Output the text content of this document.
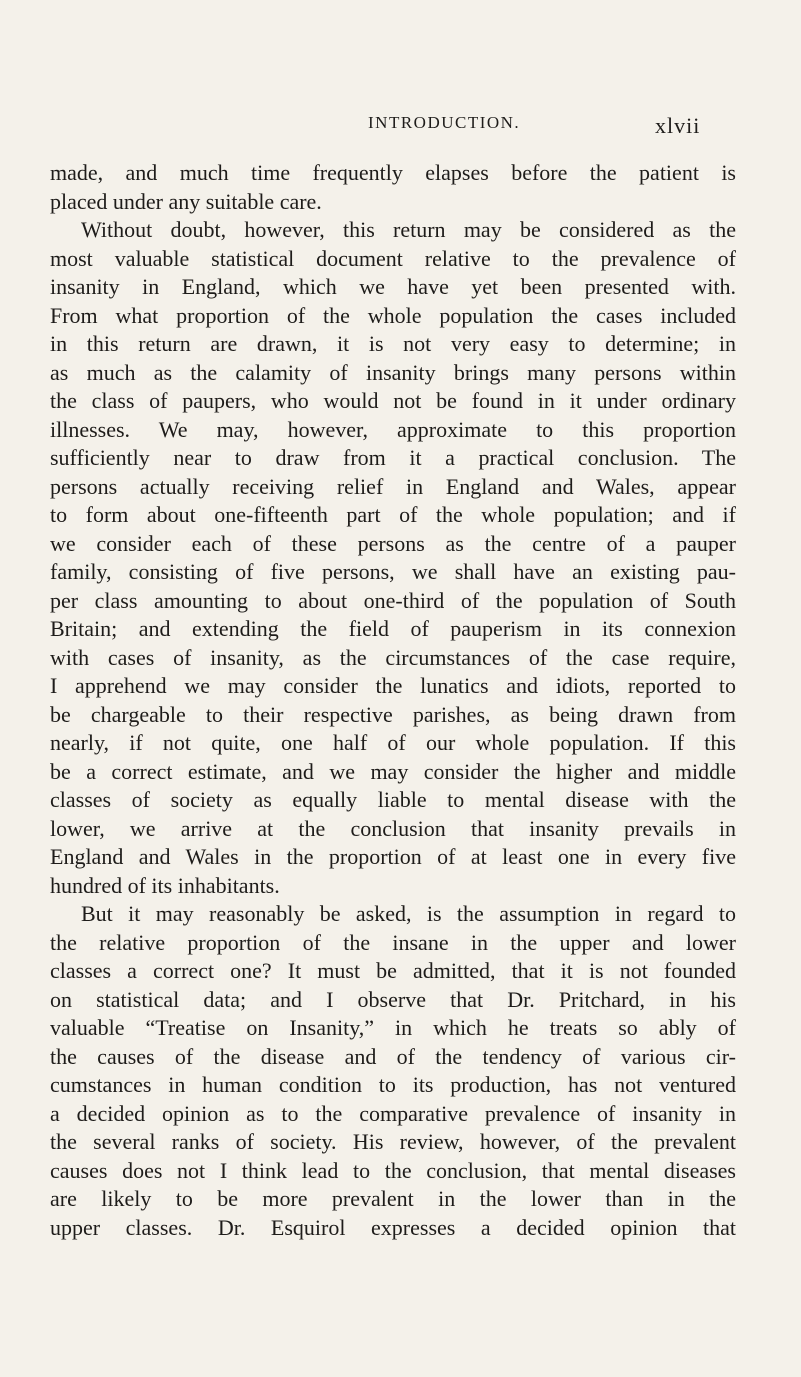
INTRODUCTION.	xlvii
made, and much time frequently elapses before the patient is
placed under any suitable care.
Without doubt, however, this return may be considered as the
most valuable statistical document relative to the prevalence of
insanity in England, which we have yet been presented with.
From what proportion of the whole population the cases included
in this return are drawn, it is not very easy to determine; in
as much as the calamity of insanity brings many persons within
the class of paupers, who would not be found in it under ordinary
illnesses. We may, however, approximate to this proportion
sufficiently near to draw from it a practical conclusion. The
persons actually receiving relief in England and Wales, appear
to form about one-fifteenth part of the whole population; and if
we consider each of these persons as the centre of a pauper
family, consisting of five persons, we shall have an existing pau-
per class amounting to about one-third of the population of South
Britain; and extending the field of pauperism in its connexion
with cases of insanity, as the circumstances of the case require,
I apprehend we may consider the lunatics and idiots, reported to
be chargeable to their respective parishes, as being drawn from
nearly, if not quite, one half of our whole population. If this
be a correct estimate, and we may consider the higher and middle
classes of society as equally liable to mental disease with the
lower, we arrive at the conclusion that insanity prevails in
England and Wales in the proportion of at least one in every five
hundred of its inhabitants.
But it may reasonably be asked, is the assumption in regard to
the relative proportion of the insane in the upper and lower
classes a correct one? It must be admitted, that it is not founded
on statistical data; and I observe that Dr. Pritchard, in his
valuable “Treatise on Insanity,” in which he treats so ably of
the causes of the disease and of the tendency of various cir-
cumstances in human condition to its production, has not ventured
a decided opinion as to the comparative prevalence of insanity in
the several ranks of society. His review, however, of the prevalent
causes does not I think lead to the conclusion, that mental diseases
are likely to be more prevalent in the lower than in the
upper classes. Dr. Esquirol expresses a decided opinion that
